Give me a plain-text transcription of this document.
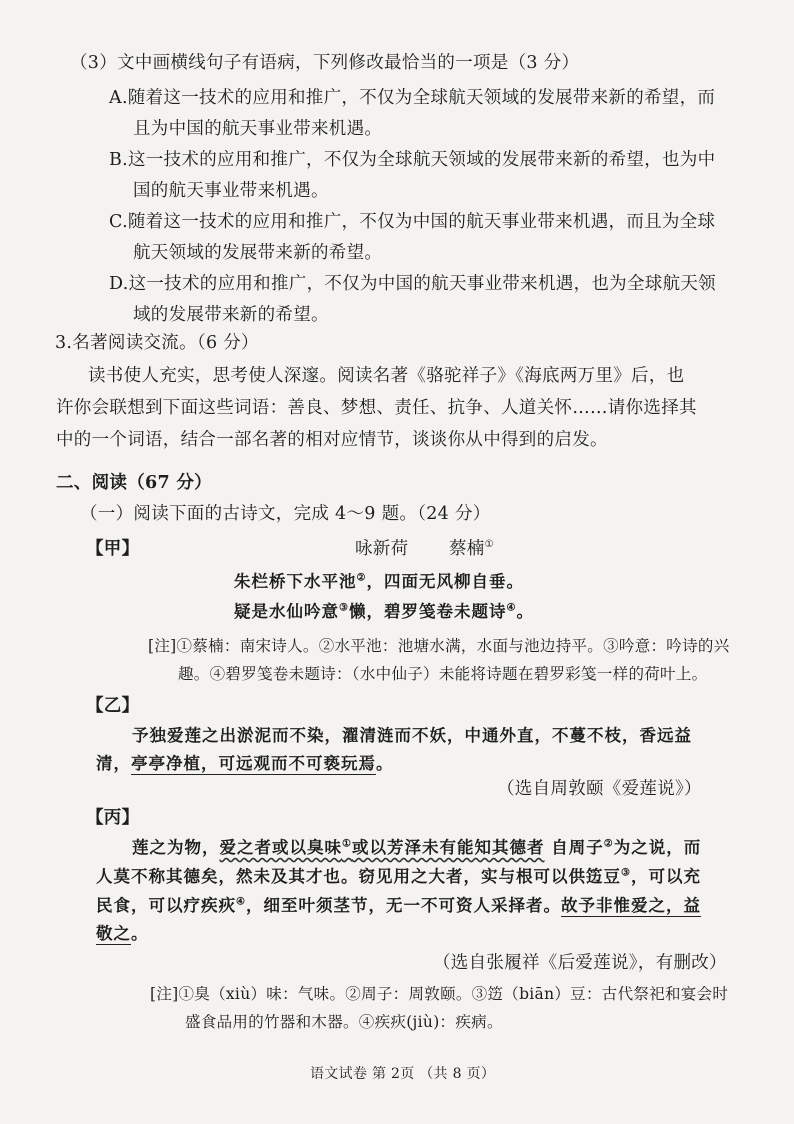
（3）文中画横线句子有语病，下列修改最恰当的一项是（3 分）
A.随着这一技术的应用和推广，不仅为全球航天领域的发展带来新的希望，而
且为中国的航天事业带来机遇。
B.这一技术的应用和推广，不仅为全球航天领域的发展带来新的希望，也为中
国的航天事业带来机遇。
C.随着这一技术的应用和推广，不仅为中国的航天事业带来机遇，而且为全球
航天领域的发展带来新的希望。
D.这一技术的应用和推广，不仅为中国的航天事业带来机遇，也为全球航天领
域的发展带来新的希望。
3.名著阅读交流。（6 分）
读书使人充实，思考使人深邃。阅读名著《骆驼祥子》《海底两万里》后，也
许你会联想到下面这些词语：善良、梦想、责任、抗争、人道关怀……请你选择其
中的一个词语，结合一部名著的相对应情节，谈谈你从中得到的启发。
二、阅读（67 分）
（一）阅读下面的古诗文，完成 4～9 题。（24 分）
【甲】	咏新荷 蔡楠①
朱栏桥下水平池②，四面无风柳自垂。
疑是水仙吟意③懒，碧罗笺卷未题诗④。
[注]①蔡楠：南宋诗人。②水平池：池塘水满，水面与池边持平。③吟意：吟诗的兴
趣。④碧罗笺卷未题诗：（水中仙子）未能将诗题在碧罗彩笺一样的荷叶上。
【乙】
予独爱莲之出淤泥而不染，濯清涟而不妖，中通外直，不蔓不枝，香远益
清，亭亭净植，可远观而不可亵玩焉。
（选自周敦颐《爱莲说》）
【丙】
莲之为物，爱之者或以臭味①或以芳泽未有能知其德者 自周子②为之说，而
人莫不称其德矣，然未及其才也。窃见用之大者，实与根可以供笾豆③，可以充
民食，可以疗疾疢④，细至叶须茎节，无一不可资人采择者。故予非惟爱之，益
敬之。
（选自张履祥《后爱莲说》，有删改）
[注]①臭（xiù）味：气味。②周子：周敦颐。③笾（biān）豆：古代祭祀和宴会时
盛食品用的竹器和木器。④疾疢(jiù)：疾病。
语文试卷 第 2页 （共 8 页）
